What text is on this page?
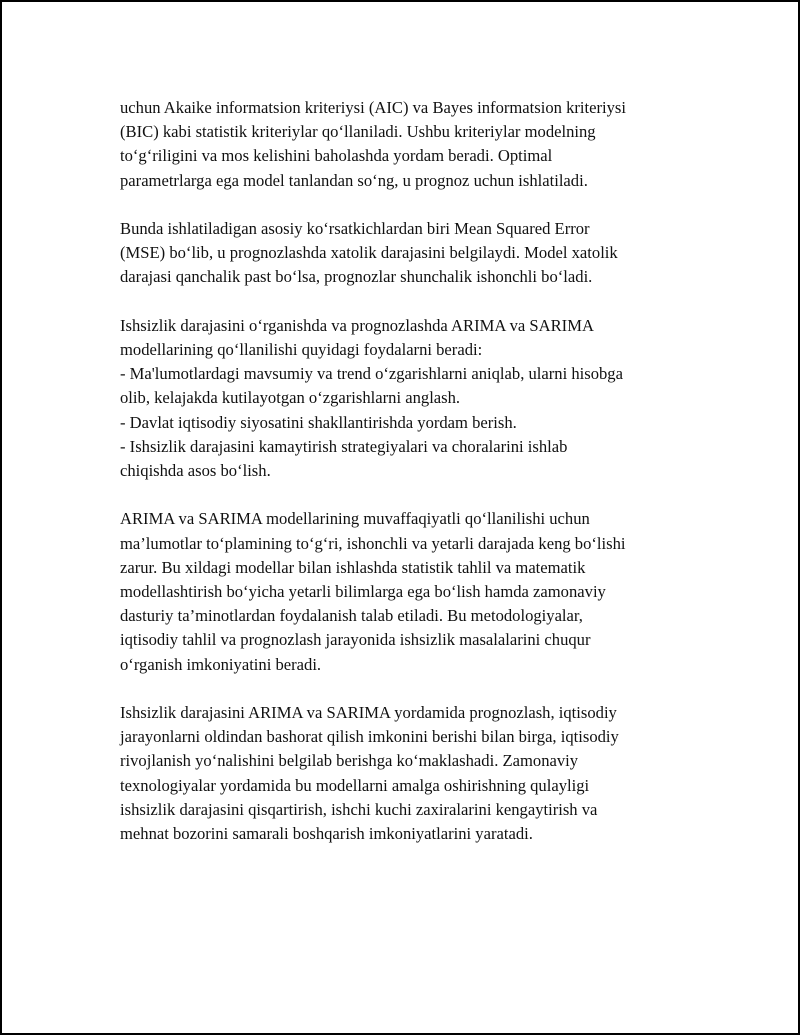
uchun Akaike informatsion kriteriysi (AIC) va Bayes informatsion kriteriysi
(BIC) kabi statistik kriteriylar qo‘llaniladi. Ushbu kriteriylar modelning
to‘g‘riligini va mos kelishini baholashda yordam beradi. Optimal
parametrlarga ega model tanlandan so‘ng, u prognoz uchun ishlatiladi.

Bunda ishlatiladigan asosiy ko‘rsatkichlardan biri Mean Squared Error
(MSE) bo‘lib, u prognozlashda xatolik darajasini belgilaydi. Model xatolik
darajasi qanchalik past bo‘lsa, prognozlar shunchalik ishonchli bo‘ladi.

Ishsizlik darajasini o‘rganishda va prognozlashda ARIMA va SARIMA
modellarining qo‘llanilishi quyidagi foydalarni beradi:
- Ma'lumotlardagi mavsumiy va trend o‘zgarishlarni aniqlab, ularni hisobga
olib, kelajakda kutilayotgan o‘zgarishlarni anglash.
- Davlat iqtisodiy siyosatini shakllantirishda yordam berish.
- Ishsizlik darajasini kamaytirish strategiyalari va choralarini ishlab
chiqishda asos bo‘lish.

ARIMA va SARIMA modellarining muvaffaqiyatli qo‘llanilishi uchun
ma’lumotlar to‘plamining to‘g‘ri, ishonchli va yetarli darajada keng bo‘lishi
zarur. Bu xildagi modellar bilan ishlashda statistik tahlil va matematik
modellashtirish bo‘yicha yetarli bilimlarga ega bo‘lish hamda zamonaviy
dasturiy ta’minotlardan foydalanish talab etiladi. Bu metodologiyalar,
iqtisodiy tahlil va prognozlash jarayonida ishsizlik masalalarini chuqur
o‘rganish imkoniyatini beradi.

Ishsizlik darajasini ARIMA va SARIMA yordamida prognozlash, iqtisodiy
jarayonlarni oldindan bashorat qilish imkonini berishi bilan birga, iqtisodiy
rivojlanish yo‘nalishini belgilab berishga ko‘maklashadi. Zamonaviy
texnologiyalar yordamida bu modellarni amalga oshirishning qulayligi
ishsizlik darajasini qisqartirish, ishchi kuchi zaxiralarini kengaytirish va
mehnat bozorini samarali boshqarish imkoniyatlarini yaratadi.
